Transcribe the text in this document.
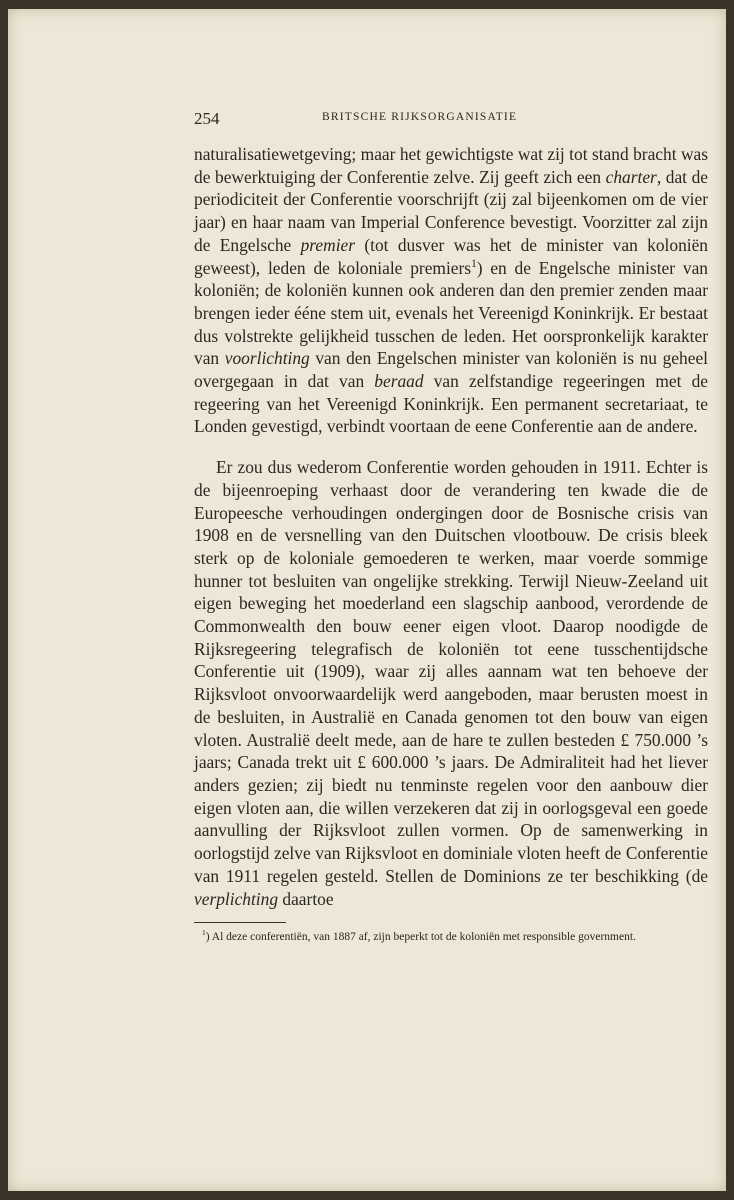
254	BRITSCHE RIJKSORGANISATIE

naturalisatiewetgeving; maar het gewichtigste wat zij tot stand bracht was de bewerktuiging der Conferentie zelve. Zij geeft zich een charter, dat de periodiciteit der Conferentie voorschrijft (zij zal bijeenkomen om de vier jaar) en haar naam van Imperial Conference bevestigt. Voorzitter zal zijn de Engelsche premier (tot dusver was het de minister van koloniën geweest), leden de koloniale premiers$^1$) en de Engelsche minister van koloniën; de koloniën kunnen ook anderen dan den premier zenden maar brengen ieder ééne stem uit, evenals het Vereenigd Koninkrijk. Er bestaat dus volstrekte gelijkheid tusschen de leden. Het oorspronkelijk karakter van voorlichting van den Engelschen minister van koloniën is nu geheel overgegaan in dat van beraad van zelfstandige regeeringen met de regeering van het Vereenigd Koninkrijk. Een permanent secretariaat, te Londen gevestigd, verbindt voortaan de eene Conferentie aan de andere.

Er zou dus wederom Conferentie worden gehouden in 1911. Echter is de bijeenroeping verhaast door de verandering ten kwade die de Europeesche verhoudingen ondergingen door de Bosnische crisis van 1908 en de versnelling van den Duitschen vlootbouw. De crisis bleek sterk op de koloniale gemoederen te werken, maar voerde sommige hunner tot besluiten van ongelijke strekking. Terwijl Nieuw-Zeeland uit eigen beweging het moederland een slagschip aanbood, verordende de Commonwealth den bouw eener eigen vloot. Daarop noodigde de Rijksregeering telegrafisch de koloniën tot eene tusschentijdsche Conferentie uit (1909), waar zij alles aannam wat ten behoeve der Rijksvloot onvoorwaardelijk werd aangeboden, maar berusten moest in de besluiten, in Australië en Canada genomen tot den bouw van eigen vloten. Australië deelt mede, aan de hare te zullen besteden £ 750.000 ’s jaars; Canada trekt uit £ 600.000 ’s jaars. De Admiraliteit had het liever anders gezien; zij biedt nu tenminste regelen voor den aanbouw dier eigen vloten aan, die willen verzekeren dat zij in oorlogsgeval een goede aanvulling der Rijksvloot zullen vormen. Op de samenwerking in oorlogstijd zelve van Rijksvloot en dominiale vloten heeft de Conferentie van 1911 regelen gesteld. Stellen de Dominions ze ter beschikking (de verplichting daartoe

$^1$) Al deze conferentiën, van 1887 af, zijn beperkt tot de koloniën met responsible government.
